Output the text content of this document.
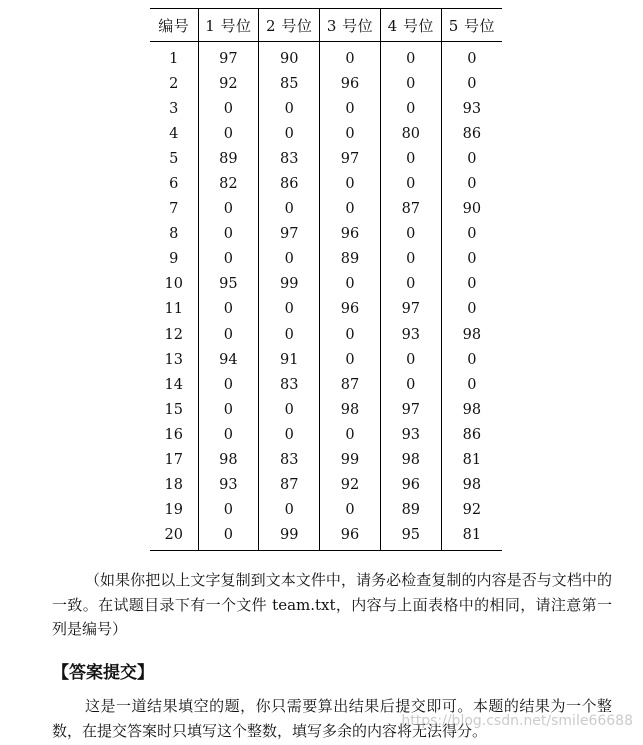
编号	1 号位	2 号位	3 号位	4 号位	5 号位
1	97	90	0	0	0
2	92	85	96	0	0
3	0	0	0	0	93
4	0	0	0	80	86
5	89	83	97	0	0
6	82	86	0	0	0
7	0	0	0	87	90
8	0	97	96	0	0
9	0	0	89	0	0
10	95	99	0	0	0
11	0	0	96	97	0
12	0	0	0	93	98
13	94	91	0	0	0
14	0	83	87	0	0
15	0	0	98	97	98
16	0	0	0	93	86
17	98	83	99	98	81
18	93	87	92	96	98
19	0	0	0	89	92
20	0	99	96	95	81

（如果你把以上文字复制到文本文件中，请务必检查复制的内容是否与文档中的一致。在试题目录下有一个文件 team.txt，内容与上面表格中的相同，请注意第一列是编号）

【答案提交】

这是一道结果填空的题，你只需要算出结果后提交即可。本题的结果为一个整数，在提交答案时只填写这个整数，填写多余的内容将无法得分。

https://blog.csdn.net/smile66688
